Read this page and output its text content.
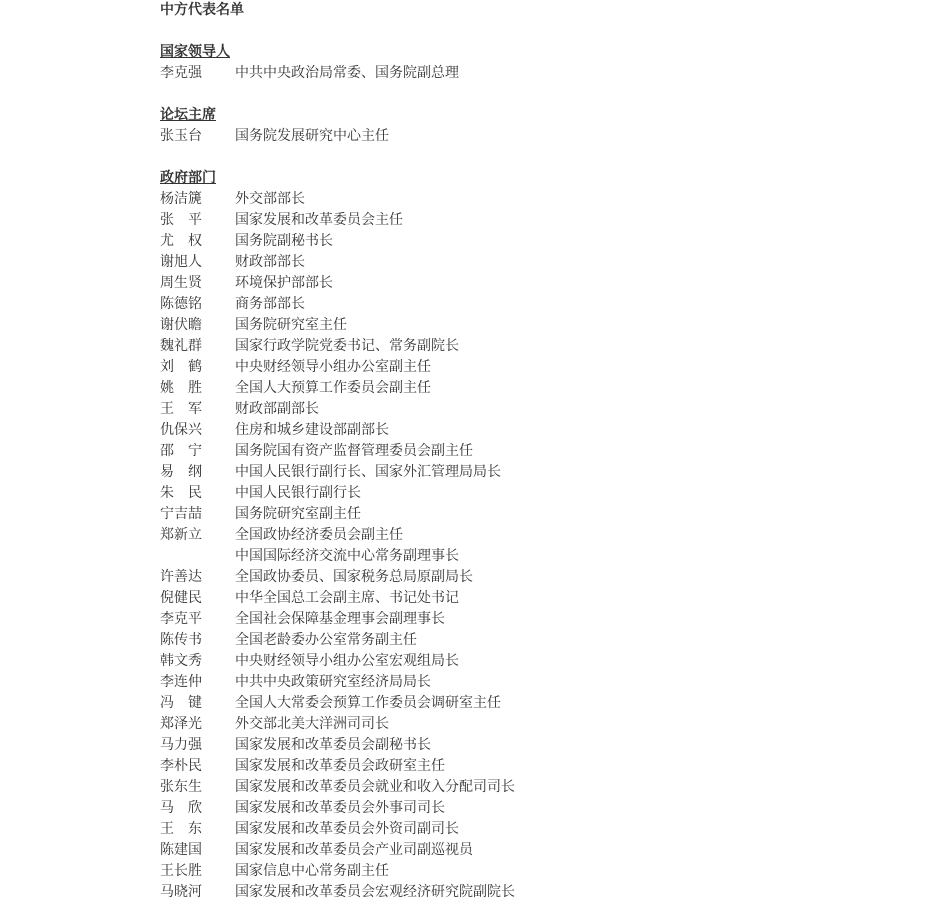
中方代表名单
国家领导人
李克强	中共中央政治局常委、国务院副总理
论坛主席
张玉台	国务院发展研究中心主任
政府部门
杨洁篪	外交部部长
张　平	国家发展和改革委员会主任
尤　权	国务院副秘书长
谢旭人	财政部部长
周生贤	环境保护部部长
陈德铭	商务部部长
谢伏瞻	国务院研究室主任
魏礼群	国家行政学院党委书记、常务副院长
刘　鹤	中央财经领导小组办公室副主任
姚　胜	全国人大预算工作委员会副主任
王　军	财政部副部长
仇保兴	住房和城乡建设部副部长
邵　宁	国务院国有资产监督管理委员会副主任
易　纲	中国人民银行副行长、国家外汇管理局局长
朱　民	中国人民银行副行长
宁吉喆	国务院研究室副主任
郑新立	全国政协经济委员会副主任
中国国际经济交流中心常务副理事长
许善达	全国政协委员、国家税务总局原副局长
倪健民	中华全国总工会副主席、书记处书记
李克平	全国社会保障基金理事会副理事长
陈传书	全国老龄委办公室常务副主任
韩文秀	中央财经领导小组办公室宏观组局长
李连仲	中共中央政策研究室经济局局长
冯　键	全国人大常委会预算工作委员会调研室主任
郑泽光	外交部北美大洋洲司司长
马力强	国家发展和改革委员会副秘书长
李朴民	国家发展和改革委员会政研室主任
张东生	国家发展和改革委员会就业和收入分配司司长
马　欣	国家发展和改革委员会外事司司长
王　东	国家发展和改革委员会外资司副司长
陈建国	国家发展和改革委员会产业司副巡视员
王长胜	国家信息中心常务副主任
马晓河	国家发展和改革委员会宏观经济研究院副院长
